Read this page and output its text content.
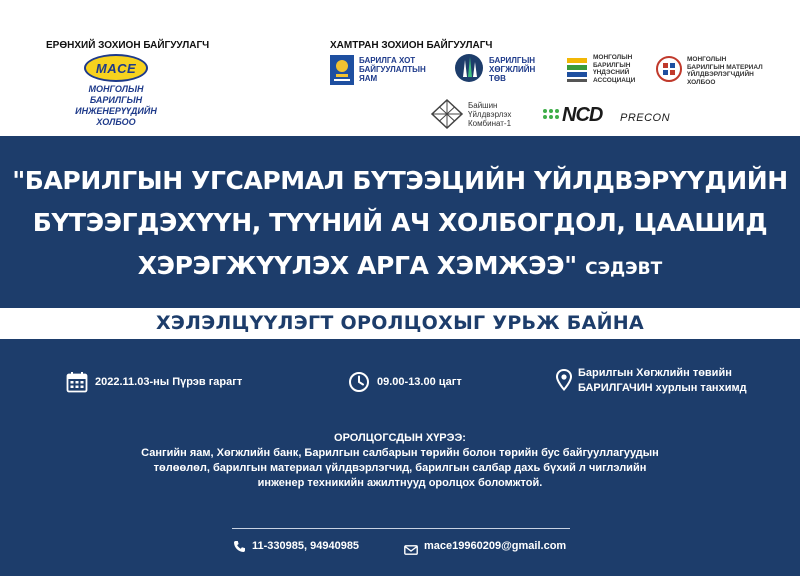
ЕРӨНХИЙ ЗОХИОН БАЙГУУЛАГЧ	ХАМТРАН ЗОХИОН БАЙГУУЛАГЧ
MACE
МОНГОЛЫН БАРИЛГЫН ИНЖЕНЕРҮҮДИЙН ХОЛБОО
БАРИЛГА ХОТ
БАЙГУУЛАЛТЫН
ЯАМ
БАРИЛГЫН
ХӨГЖЛИЙН
ТӨВ
МОНГОЛЫН
БАРИЛГЫН
ҮНДЭСНИЙ
АССОЦИАЦИ
МОНГОЛЫН
БАРИЛГЫН МАТЕРИАЛ
ҮЙЛДВЭРЛЭГЧДИЙН
ХОЛБОО
Байшин
Үйлдвэрлэх
Комбинат-1	NCD PRECON
"БАРИЛГЫН УГСАРМАЛ БҮТЭЭЦИЙН ҮЙЛДВЭРҮҮДИЙН
БҮТЭЭГДЭХҮҮН, ТҮҮНИЙ АЧ ХОЛБОГДОЛ, ЦААШИД
ХЭРЭГЖҮҮЛЭХ АРГА ХЭМЖЭЭ" СЭДЭВТ
ХЭЛЭЛЦҮҮЛЭГТ ОРОЛЦОХЫГ УРЬЖ БАЙНА
2022.11.03-ны Пүрэв гарагт	09.00-13.00 цагт
Барилгын Хөгжлийн төвийн
БАРИЛГАЧИН хурлын танхимд
ОРОЛЦОГСДЫН ХҮРЭЭ:
Сангийн яам, Хөгжлийн банк, Барилгын салбарын төрийн болон төрийн бус байгууллагуудын
төлөөлөл, барилгын материал үйлдвэрлэгчид, барилгын салбар дахь бүхий л чиглэлийн
инженер техникийн ажилтнууд оролцох боломжтой.
11-330985, 94940985	mace19960209@gmail.com
